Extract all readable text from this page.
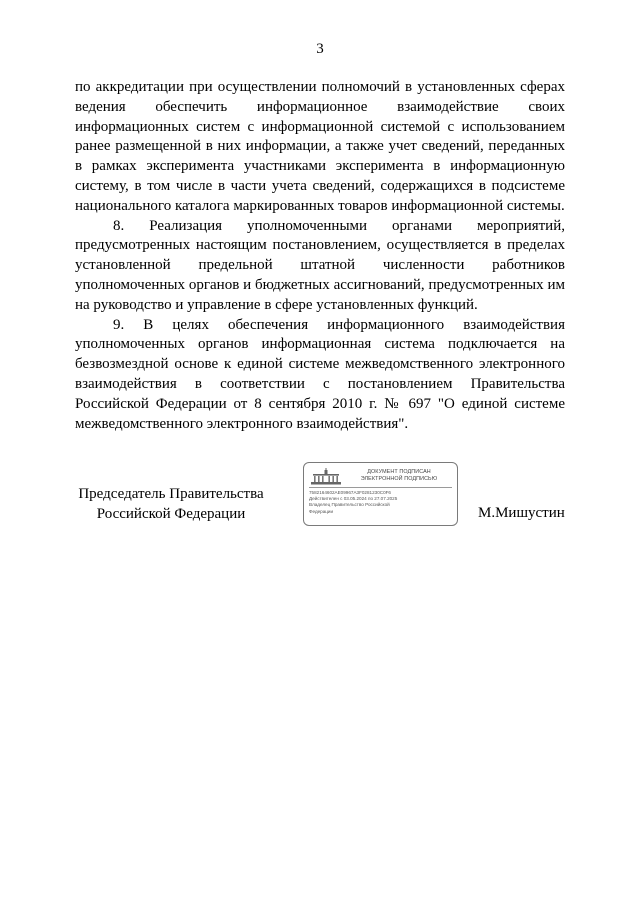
3

по аккредитации при осуществлении полномочий в установленных сферах ведения обеспечить информационное взаимодействие своих информационных систем с информационной системой с использованием ранее размещенной в них информации, а также учет сведений, переданных в рамках эксперимента участниками эксперимента в информационную систему, в том числе в части учета сведений, содержащихся в подсистеме национального каталога маркированных товаров информационной системы.

8. Реализация уполномоченными органами мероприятий, предусмотренных настоящим постановлением, осуществляется в пределах установленной предельной штатной численности работников уполномоченных органов и бюджетных ассигнований, предусмотренных им на руководство и управление в сфере установленных функций.

9. В целях обеспечения информационного взаимодействия уполномоченных органов информационная система подключается на безвозмездной основе к единой системе межведомственного электронного взаимодействия в соответствии с постановлением Правительства Российской Федерации от 8 сентября 2010 г. № 697 "О единой системе межведомственного электронного взаимодействия".

Председатель Правительства
Российской Федерации
ДОКУМЕНТ ПОДПИСАН
ЭЛЕКТРОННОЙ ПОДПИСЬЮ
7582164602AE09967A3F0281230C0F6
Действителен с 03.05.2024 по 27.07.2025
Владелец Правительство Российской
Федерации	М.Мишустин
